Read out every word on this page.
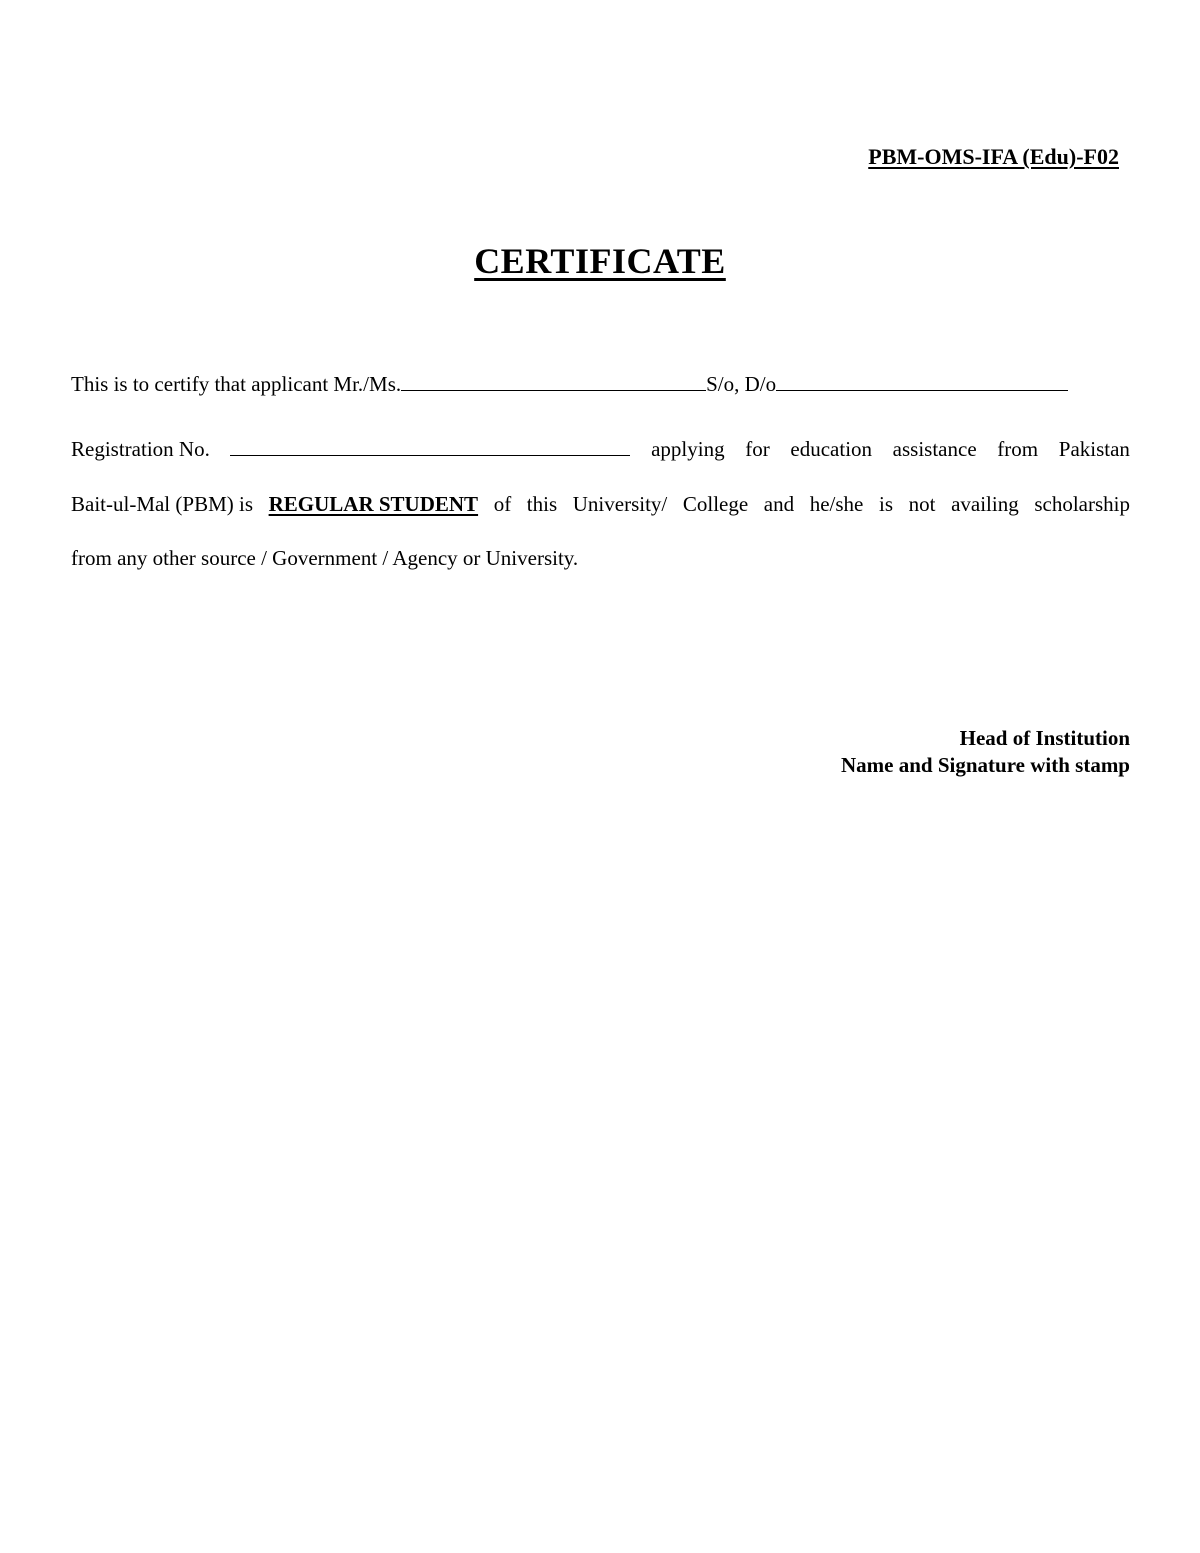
PBM-OMS-IFA (Edu)-F02
CERTIFICATE
This is to certify that applicant Mr./Ms.	S/o, D/o
Registration No.	applying for education assistance from Pakistan
Bait-ul-Mal (PBM) is REGULAR STUDENT of this University/ College and he/she is not availing scholarship
from any other source / Government / Agency or University.
Head of Institution
Name and Signature with stamp
